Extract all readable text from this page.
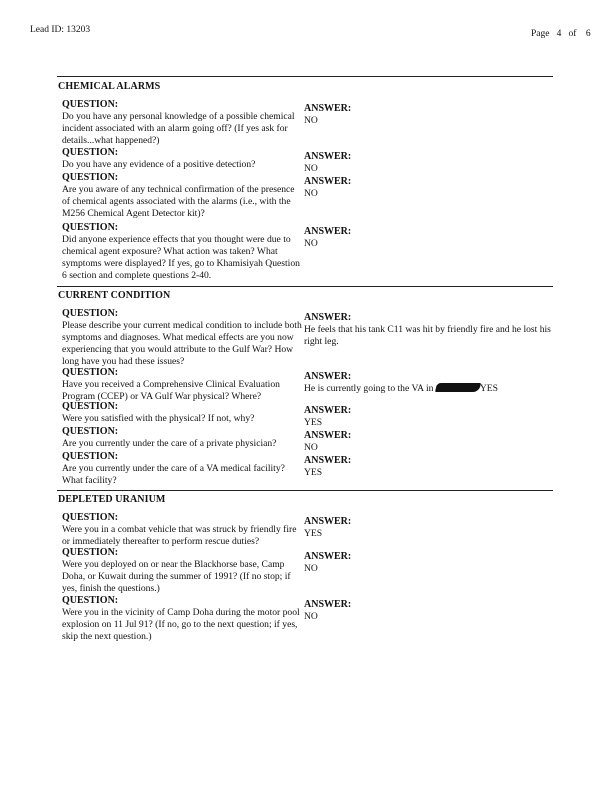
Lead ID: 13203	Page 4 of 6
CHEMICAL ALARMS
QUESTION:
Do you have any personal knowledge of a possible chemical incident associated with an alarm going off? (If yes ask for details...what happened?)
ANSWER:
NO
QUESTION:
Do you have any evidence of a positive detection?
ANSWER:
NO
QUESTION:
Are you aware of any technical confirmation of the presence of chemical agents associated with the alarms (i.e., with the M256 Chemical Agent Detector kit)?
ANSWER:
NO
QUESTION:
Did anyone experience effects that you thought were due to chemical agent exposure? What action was taken? What symptoms were displayed? If yes, go to Khamisiyah Question 6 section and complete questions 2-40.
ANSWER:
NO
CURRENT CONDITION
QUESTION:
Please describe your current medical condition to include both symptoms and diagnoses. What medical effects are you now experiencing that you would attribute to the Gulf War? How long have you had these issues?
ANSWER:
He feels that his tank C11 was hit by friendly fire and he lost his right leg.
QUESTION:
Have you received a Comprehensive Clinical Evaluation Program (CCEP) or VA Gulf War physical? Where?
ANSWER:
He is currently going to the VA in	YES
QUESTION:
Were you satisfied with the physical? If not, why?
ANSWER:
YES
QUESTION:
Are you currently under the care of a private physician?
ANSWER:
NO
QUESTION:
Are you currently under the care of a VA medical facility? What facility?
ANSWER:
YES
DEPLETED URANIUM
QUESTION:
Were you in a combat vehicle that was struck by friendly fire or immediately thereafter to perform rescue duties?
ANSWER:
YES
QUESTION:
Were you deployed on or near the Blackhorse base, Camp Doha, or Kuwait during the summer of 1991? (If no stop; if yes, finish the questions.)
ANSWER:
NO
QUESTION:
Were you in the vicinity of Camp Doha during the motor pool explosion on 11 Jul 91? (If no, go to the next question; if yes, skip the next question.)
ANSWER:
NO
